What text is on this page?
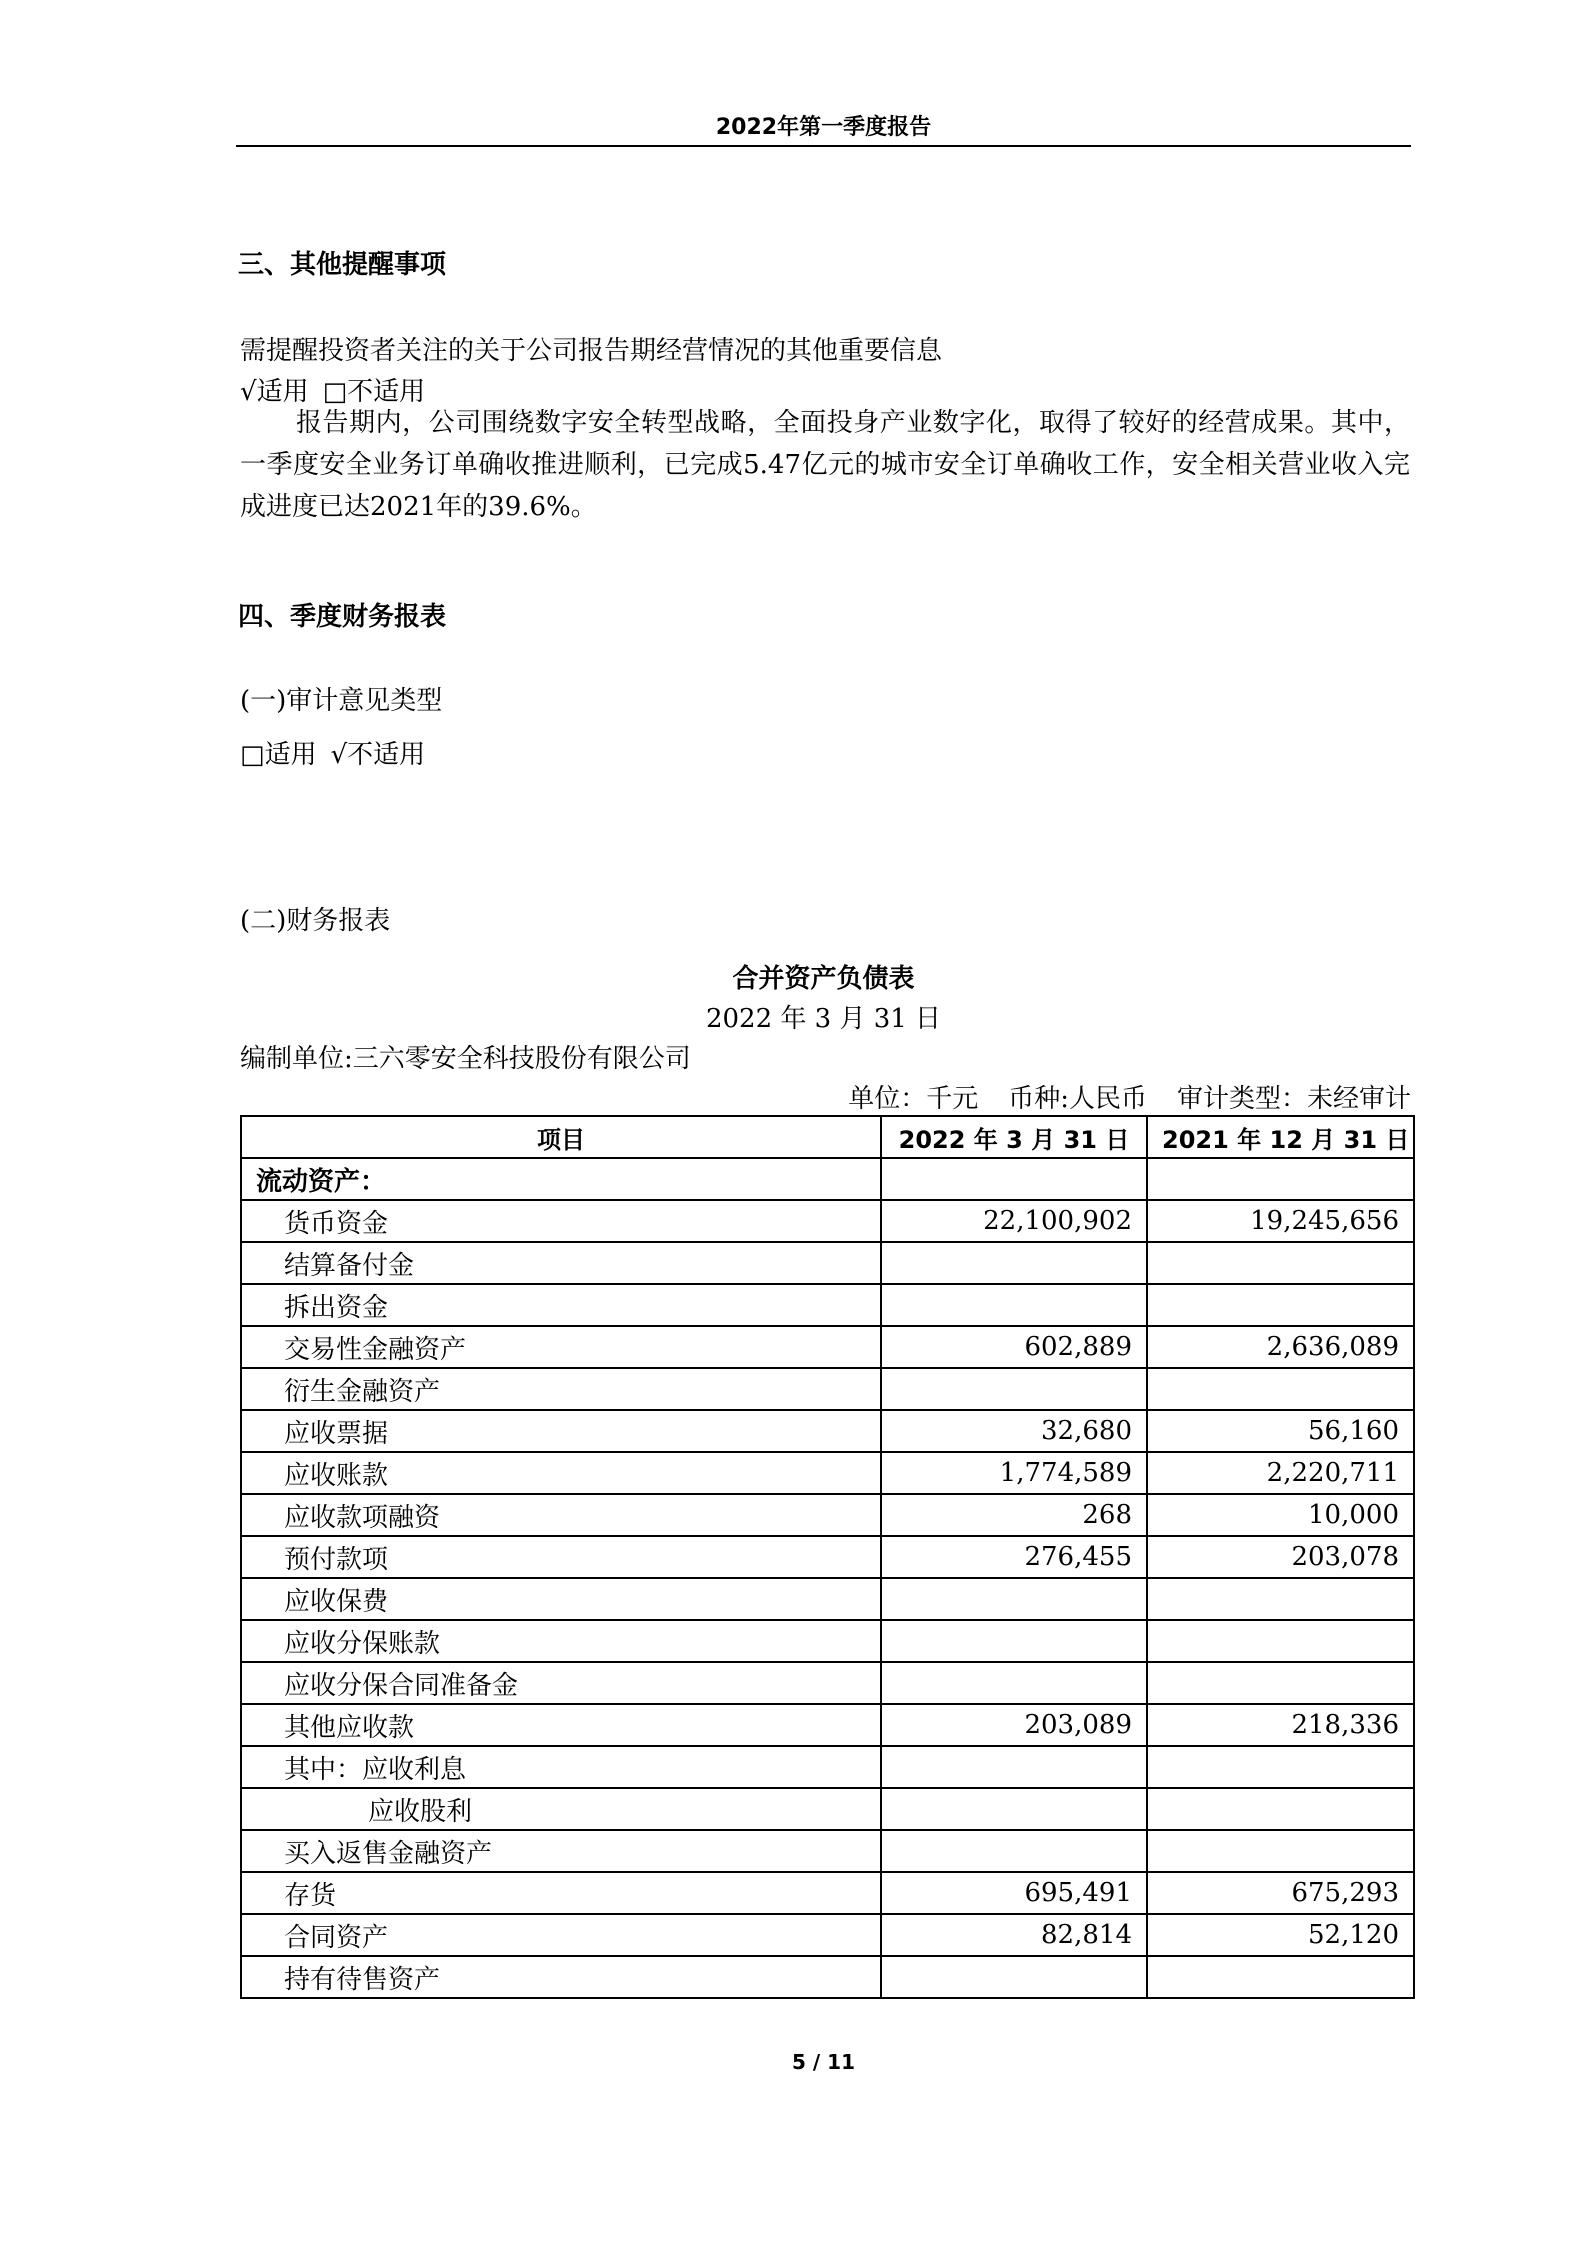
2022年第一季度报告
三、其他提醒事项
需提醒投资者关注的关于公司报告期经营情况的其他重要信息
√适用 □不适用
报告期内，公司围绕数字安全转型战略，全面投身产业数字化，取得了较好的经营成果。其中，一季度安全业务订单确收推进顺利，已完成5.47亿元的城市安全订单确收工作，安全相关营业收入完成进度已达2021年的39.6%。
四、季度财务报表
(一)审计意见类型
□适用 √不适用
(二)财务报表
合并资产负债表
2022 年 3 月 31 日
编制单位:三六零安全科技股份有限公司
单位：千元 币种:人民币 审计类型：未经审计
项目	2022 年 3 月 31 日	2021 年 12 月 31 日
流动资产：		
货币资金	22,100,902	19,245,656
结算备付金		
拆出资金		
交易性金融资产	602,889	2,636,089
衍生金融资产		
应收票据	32,680	56,160
应收账款	1,774,589	2,220,711
应收款项融资	268	10,000
预付款项	276,455	203,078
应收保费		
应收分保账款		
应收分保合同准备金		
其他应收款	203,089	218,336
其中：应收利息		
应收股利		
买入返售金融资产		
存货	695,491	675,293
合同资产	82,814	52,120
持有待售资产		
5 / 11
